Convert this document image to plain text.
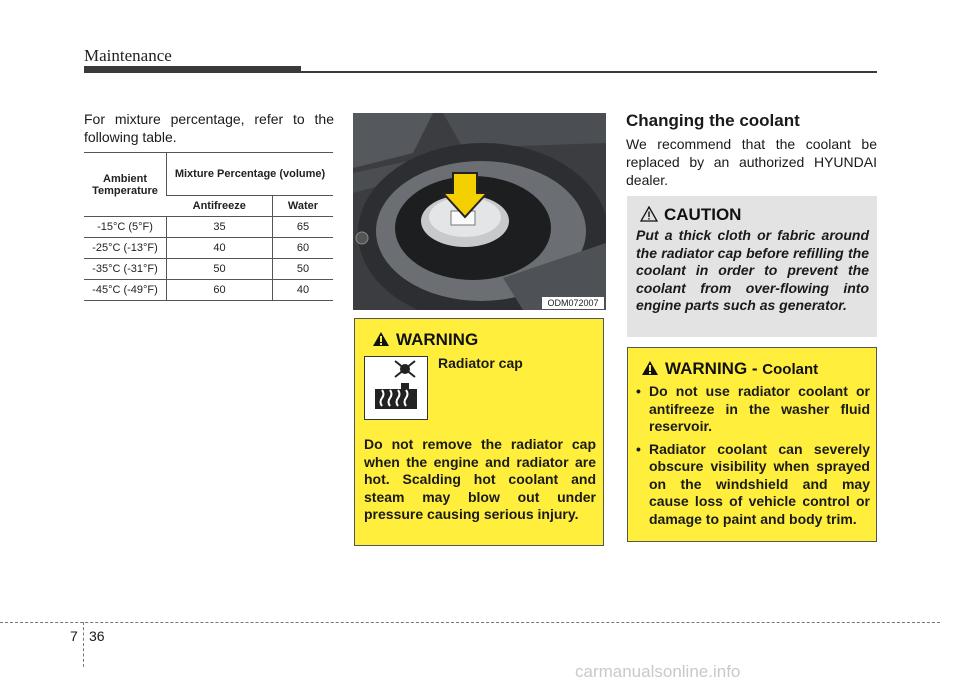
Maintenance
For mixture percentage, refer to the following table.
Ambient Temperature	Mixture Percentage (volume)	
	Antifreeze	Water
-15°C (5°F)	35	65
-25°C (-13°F)	40	60
-35°C (-31°F)	50	50
-45°C (-49°F)	60	40
ODM072007
WARNING
Radiator cap
Do not remove the radiator cap when the engine and radiator are hot. Scalding hot coolant and steam may blow out under pressure causing serious injury.
Changing the coolant
We recommend that the coolant be replaced by an authorized HYUNDAI dealer.
CAUTION
Put a thick cloth or fabric around the radiator cap before refilling the coolant in order to prevent the coolant from over-flowing into engine parts such as generator.
WARNING - Coolant
• Do not use radiator coolant or antifreeze in the washer fluid reservoir.
• Radiator coolant can severely obscure visibility when sprayed on the windshield and may cause loss of vehicle control or damage to paint and body trim.
7 36
carmanualsonline.info
